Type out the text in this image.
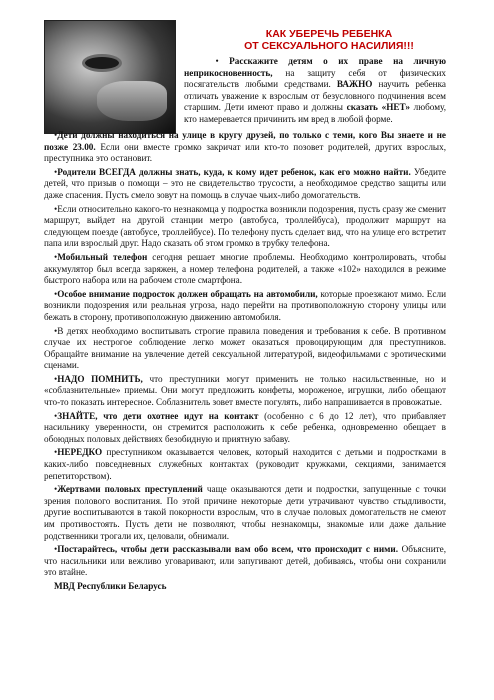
КАК УБЕРЕЧЬ РЕБЕНКА
ОТ СЕКСУАЛЬНОГО НАСИЛИЯ!!!
• Расскажите детям о их праве на личную неприкосновенность, на защиту себя от физических посягательств любыми средствами. ВАЖНО научить ребенка отличать уважение к взрослым от безусловного подчинения всем старшим. Дети имеют право и должны сказать «НЕТ» любому, кто намеревается причинить им вред в любой форме.

•Дети должны находиться на улице в кругу друзей, по только с теми, кого Вы знаете и не позже 23.00. Если они вместе громко закричат или кто-то позовет родителей, других взрослых, преступника это остановит.

•Родители ВСЕГДА должны знать, куда, к кому идет ребенок, как его можно найти. Убедите детей, что призыв о помощи – это не свидетельство трусости, а необходимое средство защиты или даже спасения. Пусть смело зовут на помощь в случае чьих-либо домогательств.

•Если относительно какого-то незнакомца у подростка возникли подозрения, пусть сразу же сменит маршрут, выйдет на другой станции метро (автобуса, троллейбуса), продолжит маршрут на следующем поезде (автобусе, троллейбусе). По телефону пусть сделает вид, что на улице его встретит папа или взрослый друг. Надо сказать об этом громко в трубку телефона.

•Мобильный телефон сегодня решает многие проблемы. Необходимо контролировать, чтобы аккумулятор был всегда заряжен, а номер телефона родителей, а также «102» находился в режиме быстрого набора или на рабочем столе смартфона.

•Особое внимание подросток должен обращать на автомобили, которые проезжают мимо. Если возникли подозрения или реальная угроза, надо перейти на противоположную сторону улицы или бежать в сторону, противоположную движению автомобиля.

•В детях необходимо воспитывать строгие правила поведения и требования к себе. В противном случае их нестрогое соблюдение легко может оказаться провоцирующим для преступников. Обращайте внимание на увлечение детей сексуальной литературой, видеофильмами с эротическими сценами.

•НАДО ПОМНИТЬ, что преступники могут применить не только насильственные, но и «соблазнительные» приемы. Они могут предложить конфеты, мороженое, игрушки, либо обещают что-то показать интересное. Соблазнитель зовет вместе погулять, либо напрашивается в провожатые.

•ЗНАЙТЕ, что дети охотнее идут на контакт (особенно с 6 до 12 лет), что прибавляет насильнику уверенности, он стремится расположить к себе ребенка, одновременно обещает в обоюдных половых действиях безобидную и приятную забаву.

•НЕРЕДКО преступником оказывается человек, который находится с детьми и подростками в каких-либо повседневных служебных контактах (руководит кружками, секциями, занимается репетиторством).

•Жертвами половых преступлений чаще оказываются дети и подростки, запущенные с точки зрения полового воспитания. По этой причине некоторые дети утрачивают чувство стыдливости, другие воспитываются в такой покорности взрослым, что в случае половых домогательств не смеют им противостоять. Пусть дети не позволяют, чтобы незнакомцы, знакомые или даже дальние родственники трогали их, целовали, обнимали.

•Постарайтесь, чтобы дети рассказывали вам обо всем, что происходит с ними. Объясните, что насильники или вежливо уговаривают, или запугивают детей, добиваясь, чтобы они сохранили это втайне.

МВД Республики Беларусь
